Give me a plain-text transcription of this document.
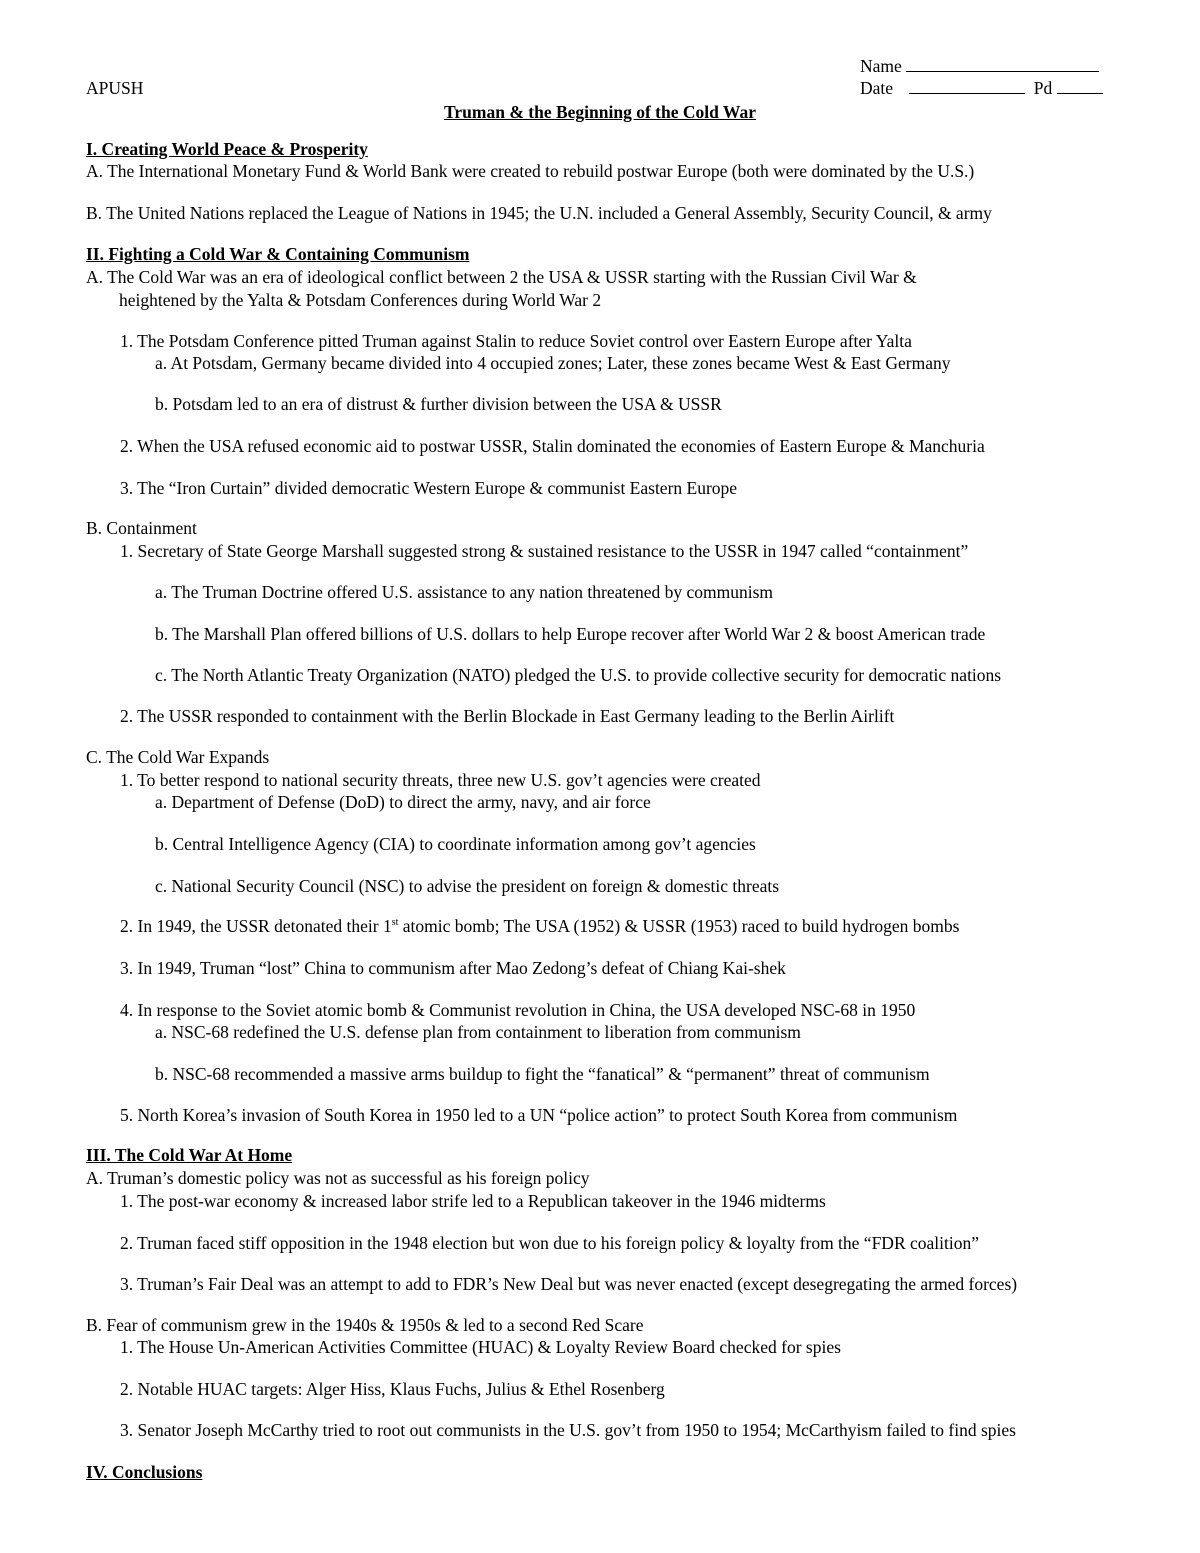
Name
APUSH	Date	Pd
Truman & the Beginning of the Cold War
I. Creating World Peace & Prosperity
A. The International Monetary Fund & World Bank were created to rebuild postwar Europe (both were dominated by the U.S.)
B. The United Nations replaced the League of Nations in 1945; the U.N. included a General Assembly, Security Council, & army
II. Fighting a Cold War & Containing Communism
A. The Cold War was an era of ideological conflict between 2 the USA & USSR starting with the Russian Civil War &
heightened by the Yalta & Potsdam Conferences during World War 2
1. The Potsdam Conference pitted Truman against Stalin to reduce Soviet control over Eastern Europe after Yalta
a. At Potsdam, Germany became divided into 4 occupied zones; Later, these zones became West & East Germany
b. Potsdam led to an era of distrust & further division between the USA & USSR
2. When the USA refused economic aid to postwar USSR, Stalin dominated the economies of Eastern Europe & Manchuria
3. The “Iron Curtain” divided democratic Western Europe & communist Eastern Europe
B. Containment
1. Secretary of State George Marshall suggested strong & sustained resistance to the USSR in 1947 called “containment”
a. The Truman Doctrine offered U.S. assistance to any nation threatened by communism
b. The Marshall Plan offered billions of U.S. dollars to help Europe recover after World War 2 & boost American trade
c. The North Atlantic Treaty Organization (NATO) pledged the U.S. to provide collective security for democratic nations
2. The USSR responded to containment with the Berlin Blockade in East Germany leading to the Berlin Airlift
C. The Cold War Expands
1. To better respond to national security threats, three new U.S. gov’t agencies were created
a. Department of Defense (DoD) to direct the army, navy, and air force
b. Central Intelligence Agency (CIA) to coordinate information among gov’t agencies
c. National Security Council (NSC) to advise the president on foreign & domestic threats
2. In 1949, the USSR detonated their 1st atomic bomb; The USA (1952) & USSR (1953) raced to build hydrogen bombs
3. In 1949, Truman “lost” China to communism after Mao Zedong’s defeat of Chiang Kai-shek
4. In response to the Soviet atomic bomb & Communist revolution in China, the USA developed NSC-68 in 1950
a. NSC-68 redefined the U.S. defense plan from containment to liberation from communism
b. NSC-68 recommended a massive arms buildup to fight the “fanatical” & “permanent” threat of communism
5. North Korea’s invasion of South Korea in 1950 led to a UN “police action” to protect South Korea from communism
III. The Cold War At Home
A. Truman’s domestic policy was not as successful as his foreign policy
1. The post-war economy & increased labor strife led to a Republican takeover in the 1946 midterms
2. Truman faced stiff opposition in the 1948 election but won due to his foreign policy & loyalty from the “FDR coalition”
3. Truman’s Fair Deal was an attempt to add to FDR’s New Deal but was never enacted (except desegregating the armed forces)
B. Fear of communism grew in the 1940s & 1950s & led to a second Red Scare
1. The House Un-American Activities Committee (HUAC) & Loyalty Review Board checked for spies
2. Notable HUAC targets: Alger Hiss, Klaus Fuchs, Julius & Ethel Rosenberg
3. Senator Joseph McCarthy tried to root out communists in the U.S. gov’t from 1950 to 1954; McCarthyism failed to find spies
IV. Conclusions
